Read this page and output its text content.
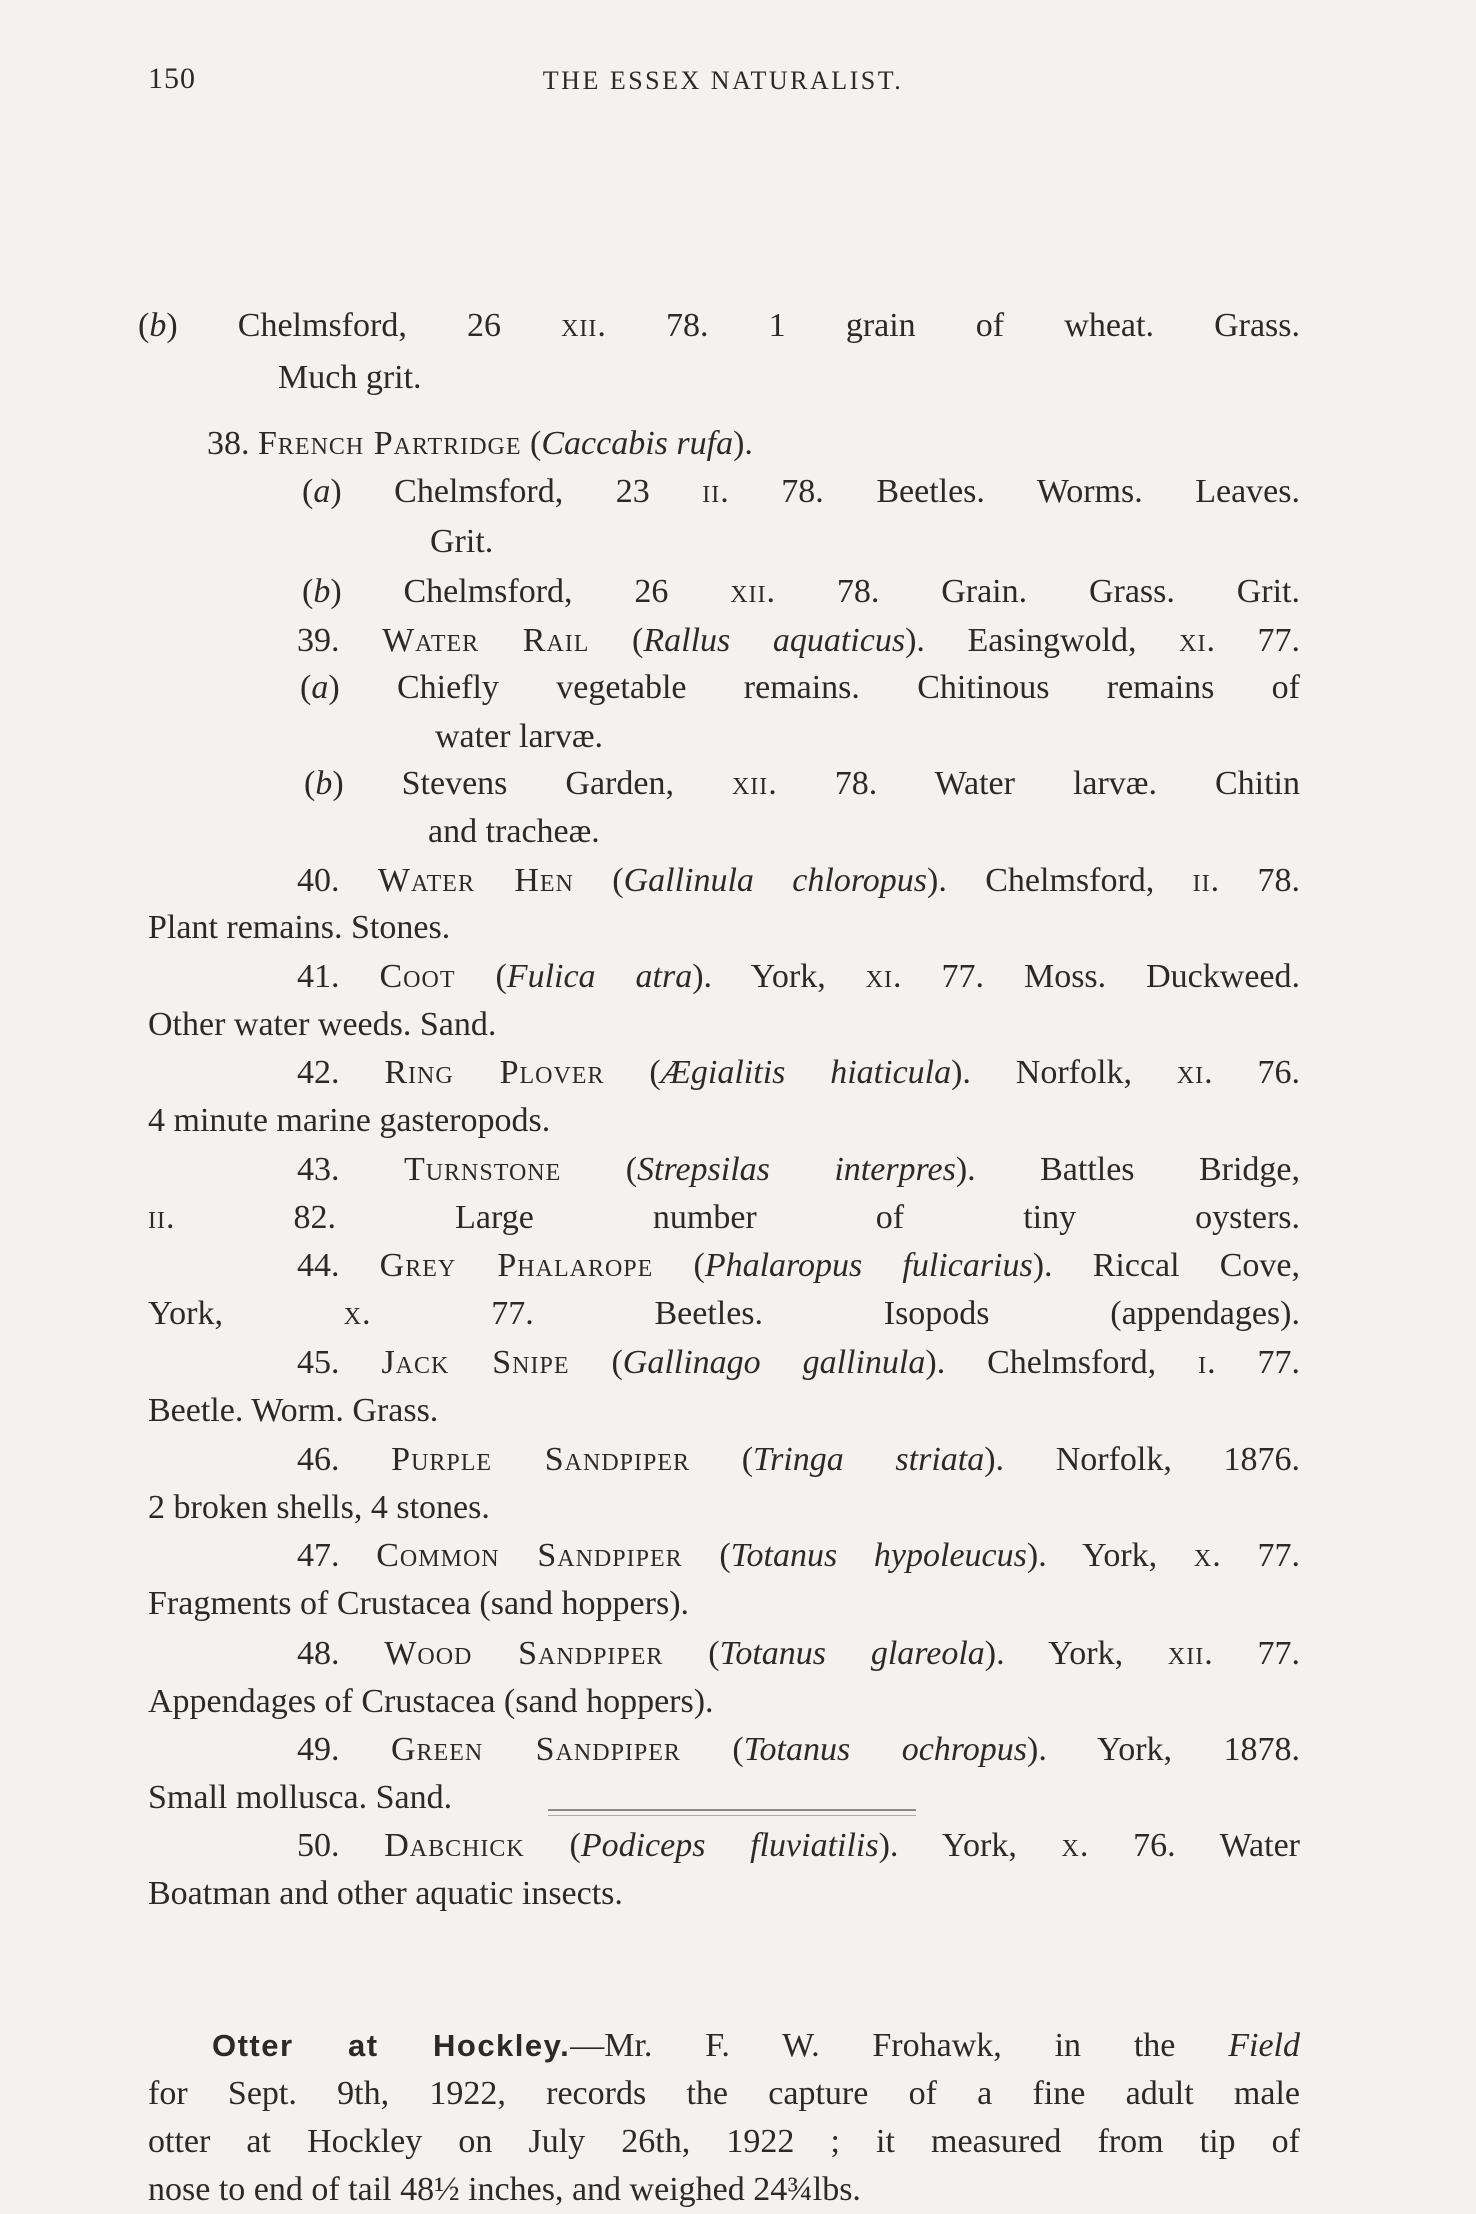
150	THE ESSEX NATURALIST.
(b) Chelmsford, 26 xii. 78. 1 grain of wheat. Grass.
Much grit.
38. French Partridge (Caccabis rufa).
(a) Chelmsford, 23 ii. 78. Beetles. Worms. Leaves.
Grit.
(b) Chelmsford, 26 xii. 78. Grain. Grass. Grit.
39. Water Rail (Rallus aquaticus). Easingwold, xi. 77.
(a) Chiefly vegetable remains. Chitinous remains of
water larvæ.
(b) Stevens Garden, xii. 78. Water larvæ. Chitin
and tracheæ.
40. Water Hen (Gallinula chloropus). Chelmsford, ii. 78.
Plant remains. Stones.
41. Coot (Fulica atra). York, xi. 77. Moss. Duckweed.
Other water weeds. Sand.
42. Ring Plover (Ægialitis hiaticula). Norfolk, xi. 76.
4 minute marine gasteropods.
43. Turnstone (Strepsilas interpres). Battles Bridge,
ii. 82. Large number of tiny oysters.
44. Grey Phalarope (Phalaropus fulicarius). Riccal Cove,
York, x. 77. Beetles. Isopods (appendages).
45. Jack Snipe (Gallinago gallinula). Chelmsford, i. 77.
Beetle. Worm. Grass.
46. Purple Sandpiper (Tringa striata). Norfolk, 1876.
2 broken shells, 4 stones.
47. Common Sandpiper (Totanus hypoleucus). York, x. 77.
Fragments of Crustacea (sand hoppers).
48. Wood Sandpiper (Totanus glareola). York, xii. 77.
Appendages of Crustacea (sand hoppers).
49. Green Sandpiper (Totanus ochropus). York, 1878.
Small mollusca. Sand.
50. Dabchick (Podiceps fluviatilis). York, x. 76. Water
Boatman and other aquatic insects.
Otter at Hockley.—Mr. F. W. Frohawk, in the Field
for Sept. 9th, 1922, records the capture of a fine adult male
otter at Hockley on July 26th, 1922 ; it measured from tip of
nose to end of tail 48½ inches, and weighed 24¾lbs.
